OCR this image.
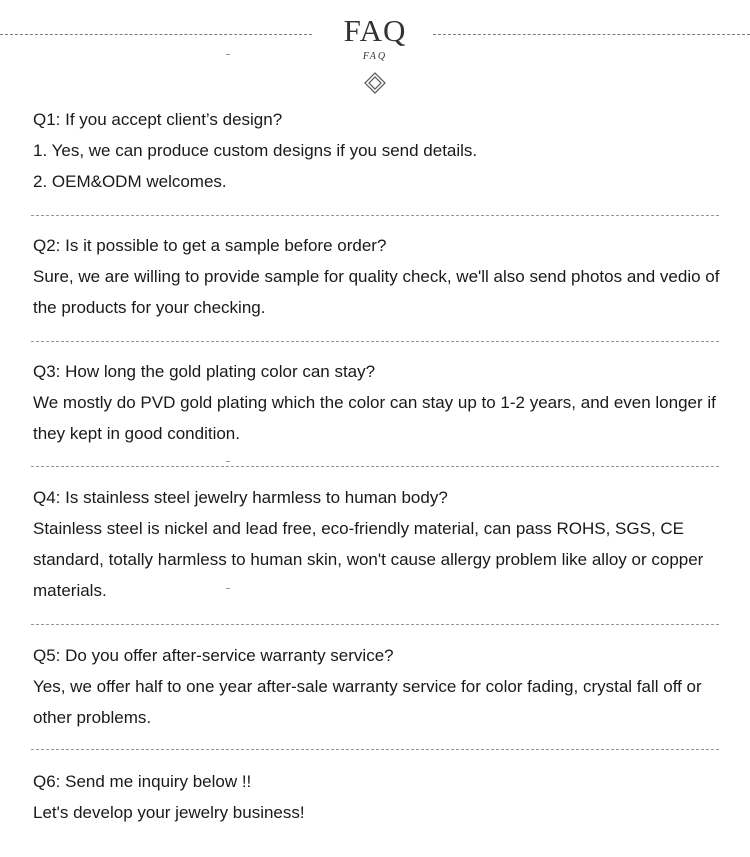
FAQ
FAQ

Q1: If you accept client’s design?

1. Yes, we can produce custom designs if you send details.

2. OEM&ODM welcomes.

Q2: Is it possible to get a sample before order?

Sure, we are willing to provide sample for quality check, we'll also send photos and vedio of the products for your checking.

Q3: How long the gold plating color can stay?

We mostly do PVD gold plating which the color can stay up to 1-2 years, and even longer if they kept in good condition.

Q4: Is stainless steel jewelry harmless to human body?

Stainless steel is nickel and lead free, eco-friendly material, can pass ROHS, SGS, CE standard, totally harmless to human skin, won't cause allergy problem like alloy or copper materials.

Q5: Do you offer after-service warranty service?

Yes, we offer half to one year after-sale warranty service for color fading, crystal fall off or other problems.

Q6: Send me inquiry below !!

Let's develop your jewelry business!
